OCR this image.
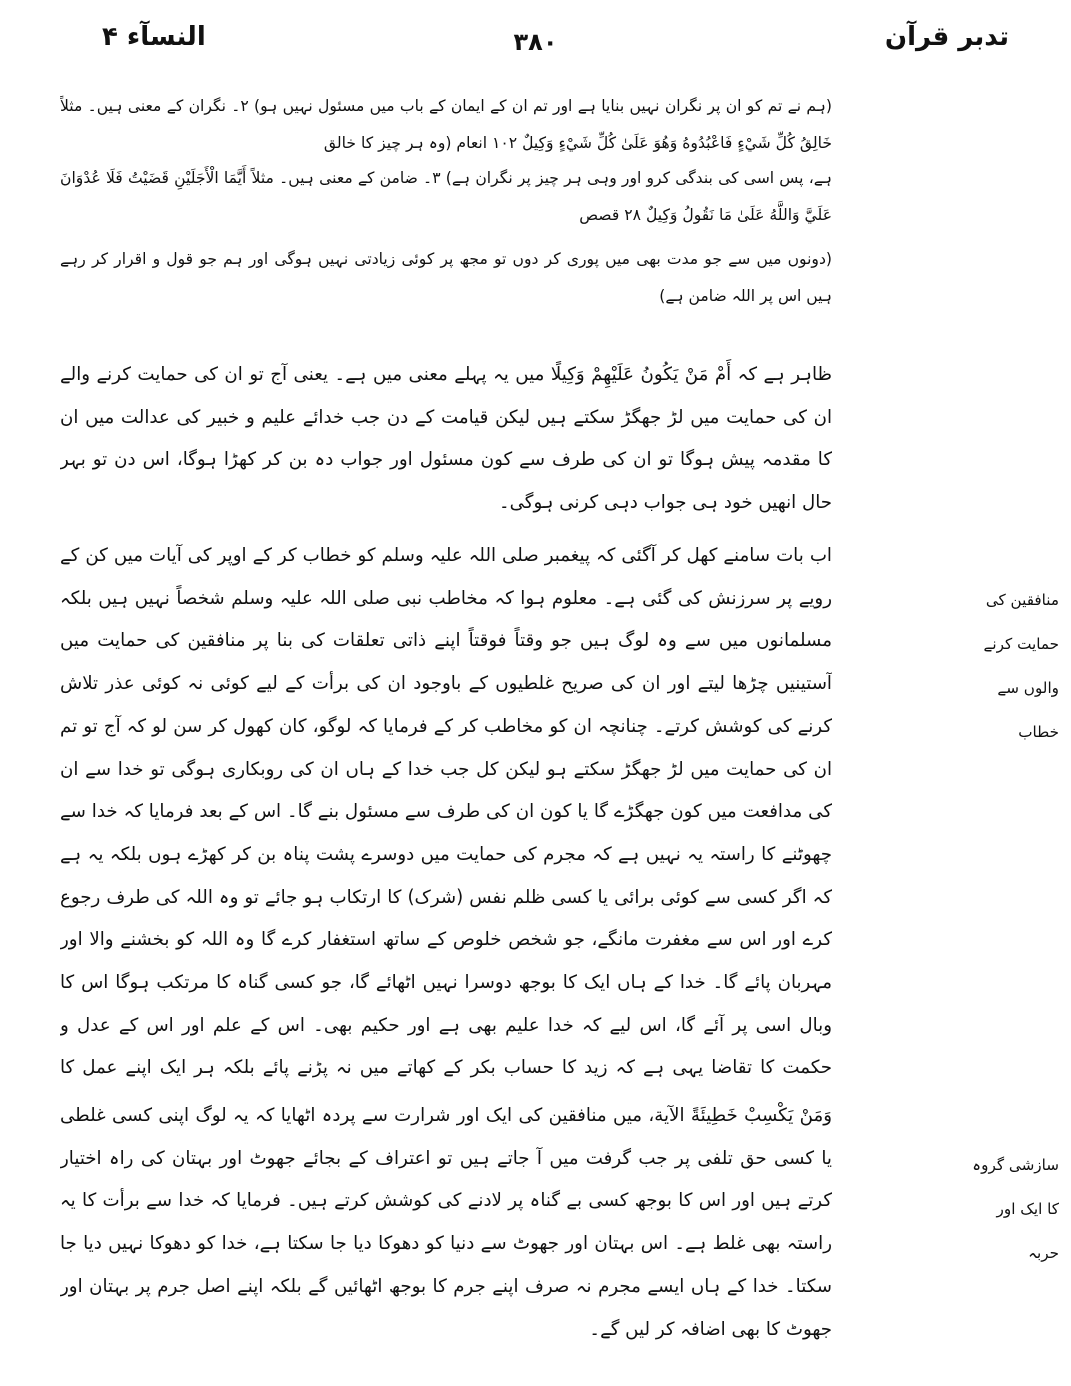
تدبر قرآن
۳۸۰
النسآء ۴

(ہم نے تم کو ان پر نگران نہیں بنایا ہے اور تم ان کے ایمان کے باب میں مسئول نہیں ہو) ۲۔ نگران کے معنی ہیں۔ مثلاً خَالِقُ كُلِّ شَيْءٍ فَاعْبُدُوهُ وَهُوَ عَلَىٰ كُلِّ شَيْءٍ وَكِيلٌ ۱۰۲ انعام (وہ ہر چیز کا خالق

ہے، پس اسی کی بندگی کرو اور وہی ہر چیز پر نگران ہے) ۳۔ ضامن کے معنی ہیں۔ مثلاً أَيَّمَا الْأَجَلَيْنِ قَضَيْتُ فَلَا عُدْوَانَ عَلَيَّ وَاللَّهُ عَلَىٰ مَا نَقُولُ وَكِيلٌ ۲۸ قصص

(دونوں میں سے جو مدت بھی میں پوری کر دوں تو مجھ پر کوئی زیادتی نہیں ہوگی اور ہم جو قول و اقرار کر رہے ہیں اس پر اللہ ضامن ہے)

ظاہر ہے کہ أَمْ مَنْ يَكُونُ عَلَيْهِمْ وَكِيلًا میں یہ پہلے معنی میں ہے۔ یعنی آج تو ان کی حمایت کرنے والے ان کی حمایت میں لڑ جھگڑ سکتے ہیں لیکن قیامت کے دن جب خدائے علیم و خبیر کی عدالت میں ان کا مقدمہ پیش ہوگا تو ان کی طرف سے کون مسئول اور جواب دہ بن کر کھڑا ہوگا، اس دن تو بہر حال انھیں خود ہی جواب دہی کرنی ہوگی۔

اب بات سامنے کھل کر آگئی کہ پیغمبر صلی اللہ علیہ وسلم کو خطاب کر کے اوپر کی آیات میں کن کے رویے پر سرزنش کی گئی ہے۔ معلوم ہوا کہ مخاطب نبی صلی اللہ علیہ وسلم شخصاً نہیں ہیں بلکہ مسلمانوں میں سے وہ لوگ ہیں جو وقتاً فوقتاً اپنے ذاتی تعلقات کی بنا پر منافقین کی حمایت میں آستینیں چڑھا لیتے اور ان کی صریح غلطیوں کے باوجود ان کی برأت کے لیے کوئی نہ کوئی عذر تلاش کرنے کی کوشش کرتے۔ چنانچہ ان کو مخاطب کر کے فرمایا کہ لوگو، کان کھول کر سن لو کہ آج تو تم ان کی حمایت میں لڑ جھگڑ سکتے ہو لیکن کل جب خدا کے ہاں ان کی روبکاری ہوگی تو خدا سے ان کی مدافعت میں کون جھگڑے گا یا کون ان کی طرف سے مسئول بنے گا۔ اس کے بعد فرمایا کہ خدا سے چھوٹنے کا راستہ یہ نہیں ہے کہ مجرم کی حمایت میں دوسرے پشت پناہ بن کر کھڑے ہوں بلکہ یہ ہے کہ اگر کسی سے کوئی برائی یا کسی ظلم نفس (شرک) کا ارتکاب ہو جائے تو وہ اللہ کی طرف رجوع کرے اور اس سے مغفرت مانگے، جو شخص خلوص کے ساتھ استغفار کرے گا وہ اللہ کو بخشنے والا اور مہربان پائے گا۔ خدا کے ہاں ایک کا بوجھ دوسرا نہیں اٹھائے گا، جو کسی گناہ کا مرتکب ہوگا اس کا وبال اسی پر آئے گا، اس لیے کہ خدا علیم بھی ہے اور حکیم بھی۔ اس کے علم اور اس کے عدل و حکمت کا تقاضا یہی ہے کہ زید کا حساب بکر کے کھاتے میں نہ پڑنے پائے بلکہ ہر ایک اپنے عمل کا

وَمَنْ يَكْسِبْ خَطِيئَةً الآية، میں منافقین کی ایک اور شرارت سے پردہ اٹھایا کہ یہ لوگ اپنی کسی غلطی یا کسی حق تلفی پر جب گرفت میں آ جاتے ہیں تو اعتراف کے بجائے جھوٹ اور بہتان کی راہ اختیار کرتے ہیں اور اس کا بوجھ کسی بے گناہ پر لادنے کی کوشش کرتے ہیں۔ فرمایا کہ خدا سے برأت کا یہ راستہ بھی غلط ہے۔ اس بہتان اور جھوٹ سے دنیا کو دھوکا دیا جا سکتا ہے، خدا کو دھوکا نہیں دیا جا سکتا۔ خدا کے ہاں ایسے مجرم نہ صرف اپنے جرم کا بوجھ اٹھائیں گے بلکہ اپنے اصل جرم پر بہتان اور جھوٹ کا بھی اضافہ کر لیں گے۔

منافقین کی
حمایت کرنے
والوں سے
خطاب
سازشی گروہ
کا ایک اور
حربہ
